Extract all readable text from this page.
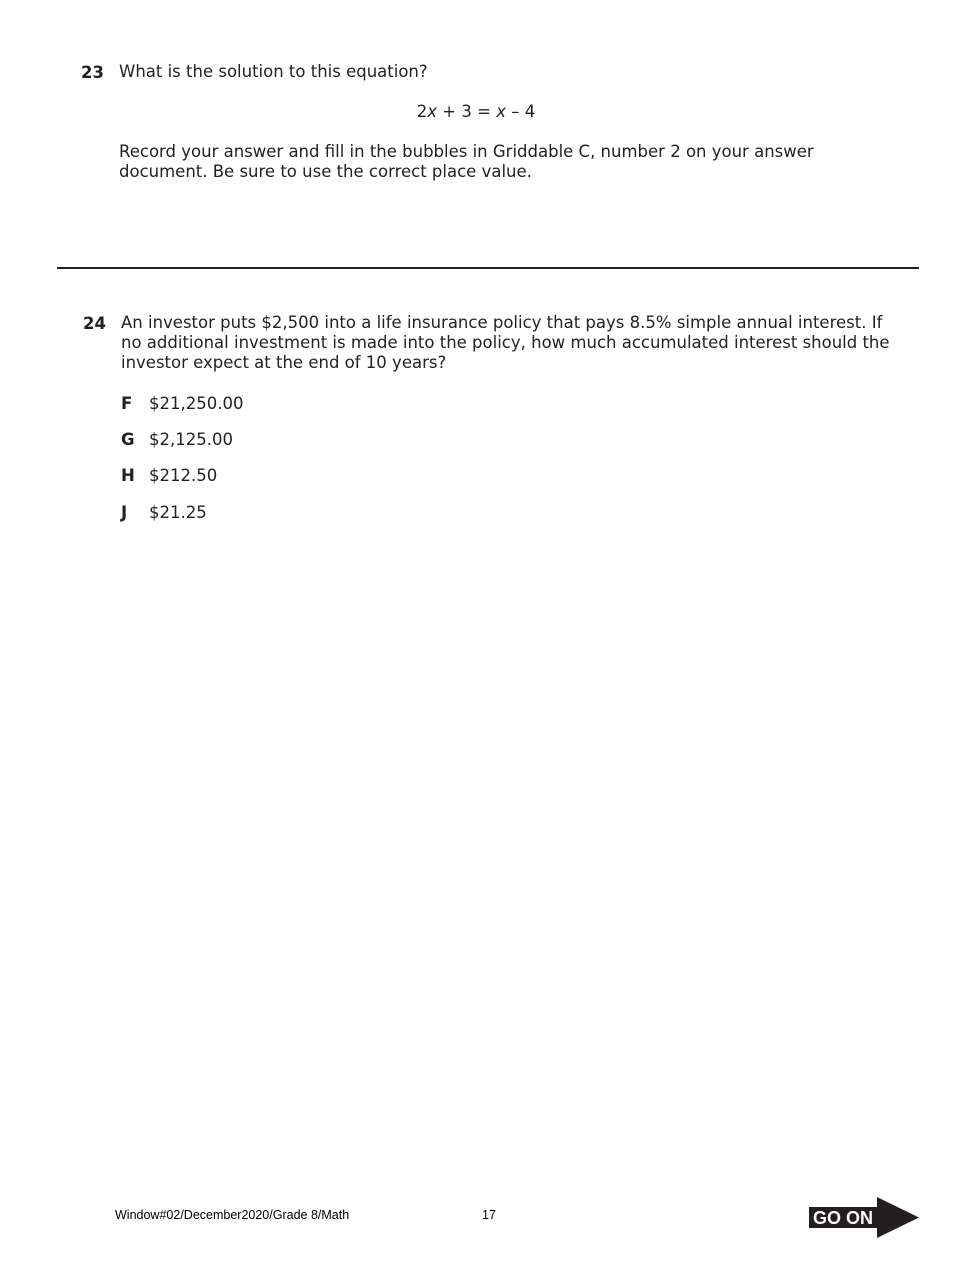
23 What is the solution to this equation?
2x + 3 = x – 4
Record your answer and fill in the bubbles in Griddable C, number 2 on your answer
document. Be sure to use the correct place value.
24 An investor puts $2,500 into a life insurance policy that pays 8.5% simple annual interest. If
no additional investment is made into the policy, how much accumulated interest should the
investor expect at the end of 10 years?
F $21,250.00
G $2,125.00
H $212.50
J $21.25
Window#02/December2020/Grade 8/Math	17	GO ON
